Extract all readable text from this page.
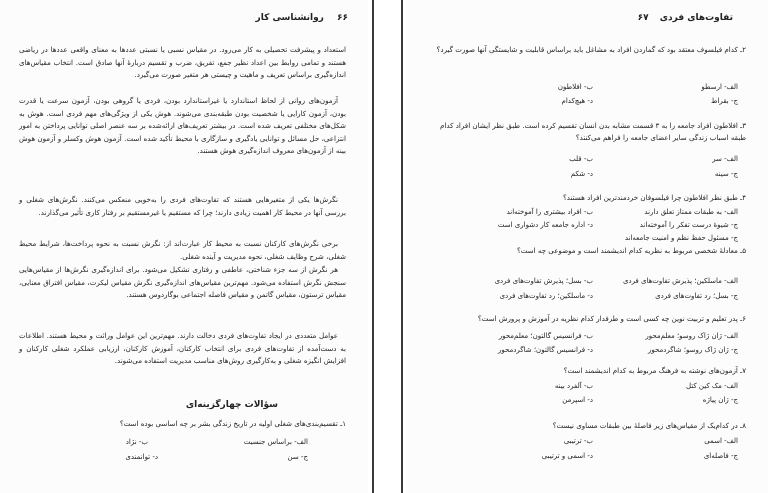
۶۶ روانشناسی کار
استعداد و پیشرفت تحصیلی به کار می‌رود. در مقیاس نسبی یا نسبتی عددها به معنای واقعی عددها در ریاضی هستند و تمامی روابط بین اعداد نظیر جمع، تفریق، ضرب و تقسیم دربارهٔ آنها صادق است. انتخاب مقیاس‌های اندازه‌گیری براساس تعریف و ماهیت و چیستی هر متغیر صورت می‌گیرد.
آزمون‌های روانی از لحاظ استاندارد یا غیراستاندارد بودن، فردی یا گروهی بودن، آزمون سرعت یا قدرت بودن، آزمون کارایی یا شخصیت بودن طبقه‌بندی می‌شوند. هوش یکی از ویژگی‌های مهم فردی است. هوش به شکل‌های مختلفی تعریف شده است. در بیشتر تعریف‌های ارائه‌شده بر سه عنصر اصلی توانایی پرداختن به امور انتزاعی، حل مسائل و توانایی یادگیری و سازگاری با محیط تأکید شده است. آزمون هوش وکسلر و آزمون هوش بینه از آزمون‌های معروف اندازه‌گیری هوش هستند.
نگرش‌ها یکی از متغیرهایی هستند که تفاوت‌های فردی را به‌خوبی منعکس می‌کنند. نگرش‌های شغلی و بررسی آنها در محیط کار اهمیت زیادی دارند؛ چرا که مستقیم یا غیرمستقیم بر رفتار کاری تأثیر می‌گذارند.
برخی نگرش‌های کارکنان نسبت به محیط کار عبارت‌اند از: نگرش نسبت به نحوه پرداخت‌ها، شرایط محیط شغلی، شرح وظایف شغلی، نحوه مدیریت و آینده شغلی.
هر نگرش از سه جزء شناختی، عاطفی و رفتاری تشکیل می‌شود. برای اندازه‌گیری نگرش‌ها از مقیاس‌هایی سنجش نگرش استفاده می‌شود. مهم‌ترین مقیاس‌های اندازه‌گیری نگرش مقیاس لیکرت، مقیاس افتراق معنایی، مقیاس ترستون، مقیاس گاتمن و مقیاس فاصله اجتماعی بوگاردوس هستند.
عوامل متعددی در ایجاد تفاوت‌های فردی دخالت دارند. مهم‌ترین این عوامل وراثت و محیط هستند. اطلاعات به دست‌آمده از تفاوت‌های فردی برای انتخاب کارکنان، آموزش کارکنان، ارزیابی عملکرد شغلی کارکنان و افزایش انگیزه شغلی و به‌کارگیری روش‌های مناسب مدیریت استفاده می‌شوند.
سؤالات چهارگزینه‌ای
۱ـ تقسیم‌بندی‌های شغلی اولیه در تاریخ زندگی بشر بر چه اساسی بوده است؟
الف- براساس جنسیت
ب- نژاد
ج- سن
د- توانمندی
تفاوت‌های فردی ۶۷
۲ـ کدام فیلسوف معتقد بود که گماردن افراد به مشاغل باید براساس قابلیت و شایستگی آنها صورت گیرد؟
الف- ارسطو
ب- افلاطون
ج- بقراط
د- هیچ‌کدام
۳ـ افلاطون افراد جامعه را به ۳ قسمت مشابه بدن انسان تقسیم کرده است. طبق نظر ایشان افراد کدام طبقه اسباب زندگی سایر اعضای جامعه را فراهم می‌کنند؟
الف- سر
ب- قلب
ج- سینه
د- شکم
۴ـ طبق نظر افلاطون چرا فیلسوفان خردمندترین افراد هستند؟
الف- به طبقات ممتاز تعلق دارند
ب- افراد بیشتری را آموخته‌اند
ج- شیوهٔ درست تفکر را آموخته‌اند
د- اداره جامعه کار دشواری است
ج- مسئول حفظ نظم و امنیت جامعه‌اند
۵ـ معادلهٔ شخصی مربوط به نظریه کدام اندیشمند است و موضوعی چه است؟
الف- ماسلکین؛ پذیرش تفاوت‌های فردی
ب- بسل؛ پذیرش تفاوت‌های فردی
ج- بسل؛ رد تفاوت‌های فردی
د- ماسلکین؛ رد تفاوت‌های فردی
۶ـ پدر تعلیم و تربیت نوین چه کسی است و طرفدار کدام نظریه در آموزش و پرورش است؟
الف- ژان ژاک روسو؛ معلم‌محور
ب- فرانسیس گالتون؛ معلم‌محور
ج- ژان ژاک روسو؛ شاگردمحور
د- فرانسیس گالتون؛ شاگردمحور
۷ـ آزمون‌های نوشته به فرهنگ مربوط به کدام اندیشمند است؟
الف- مک کین کتل
ب- آلفرد بینه
ج- ژان پیاژه
د- اسپرمن
۸ـ در کدام‌یک از مقیاس‌های زیر فاصلهٔ بین طبقات مساوی نیست؟
الف- اسمی
ب- ترتیبی
ج- فاصله‌ای
د- اسمی و ترتیبی
